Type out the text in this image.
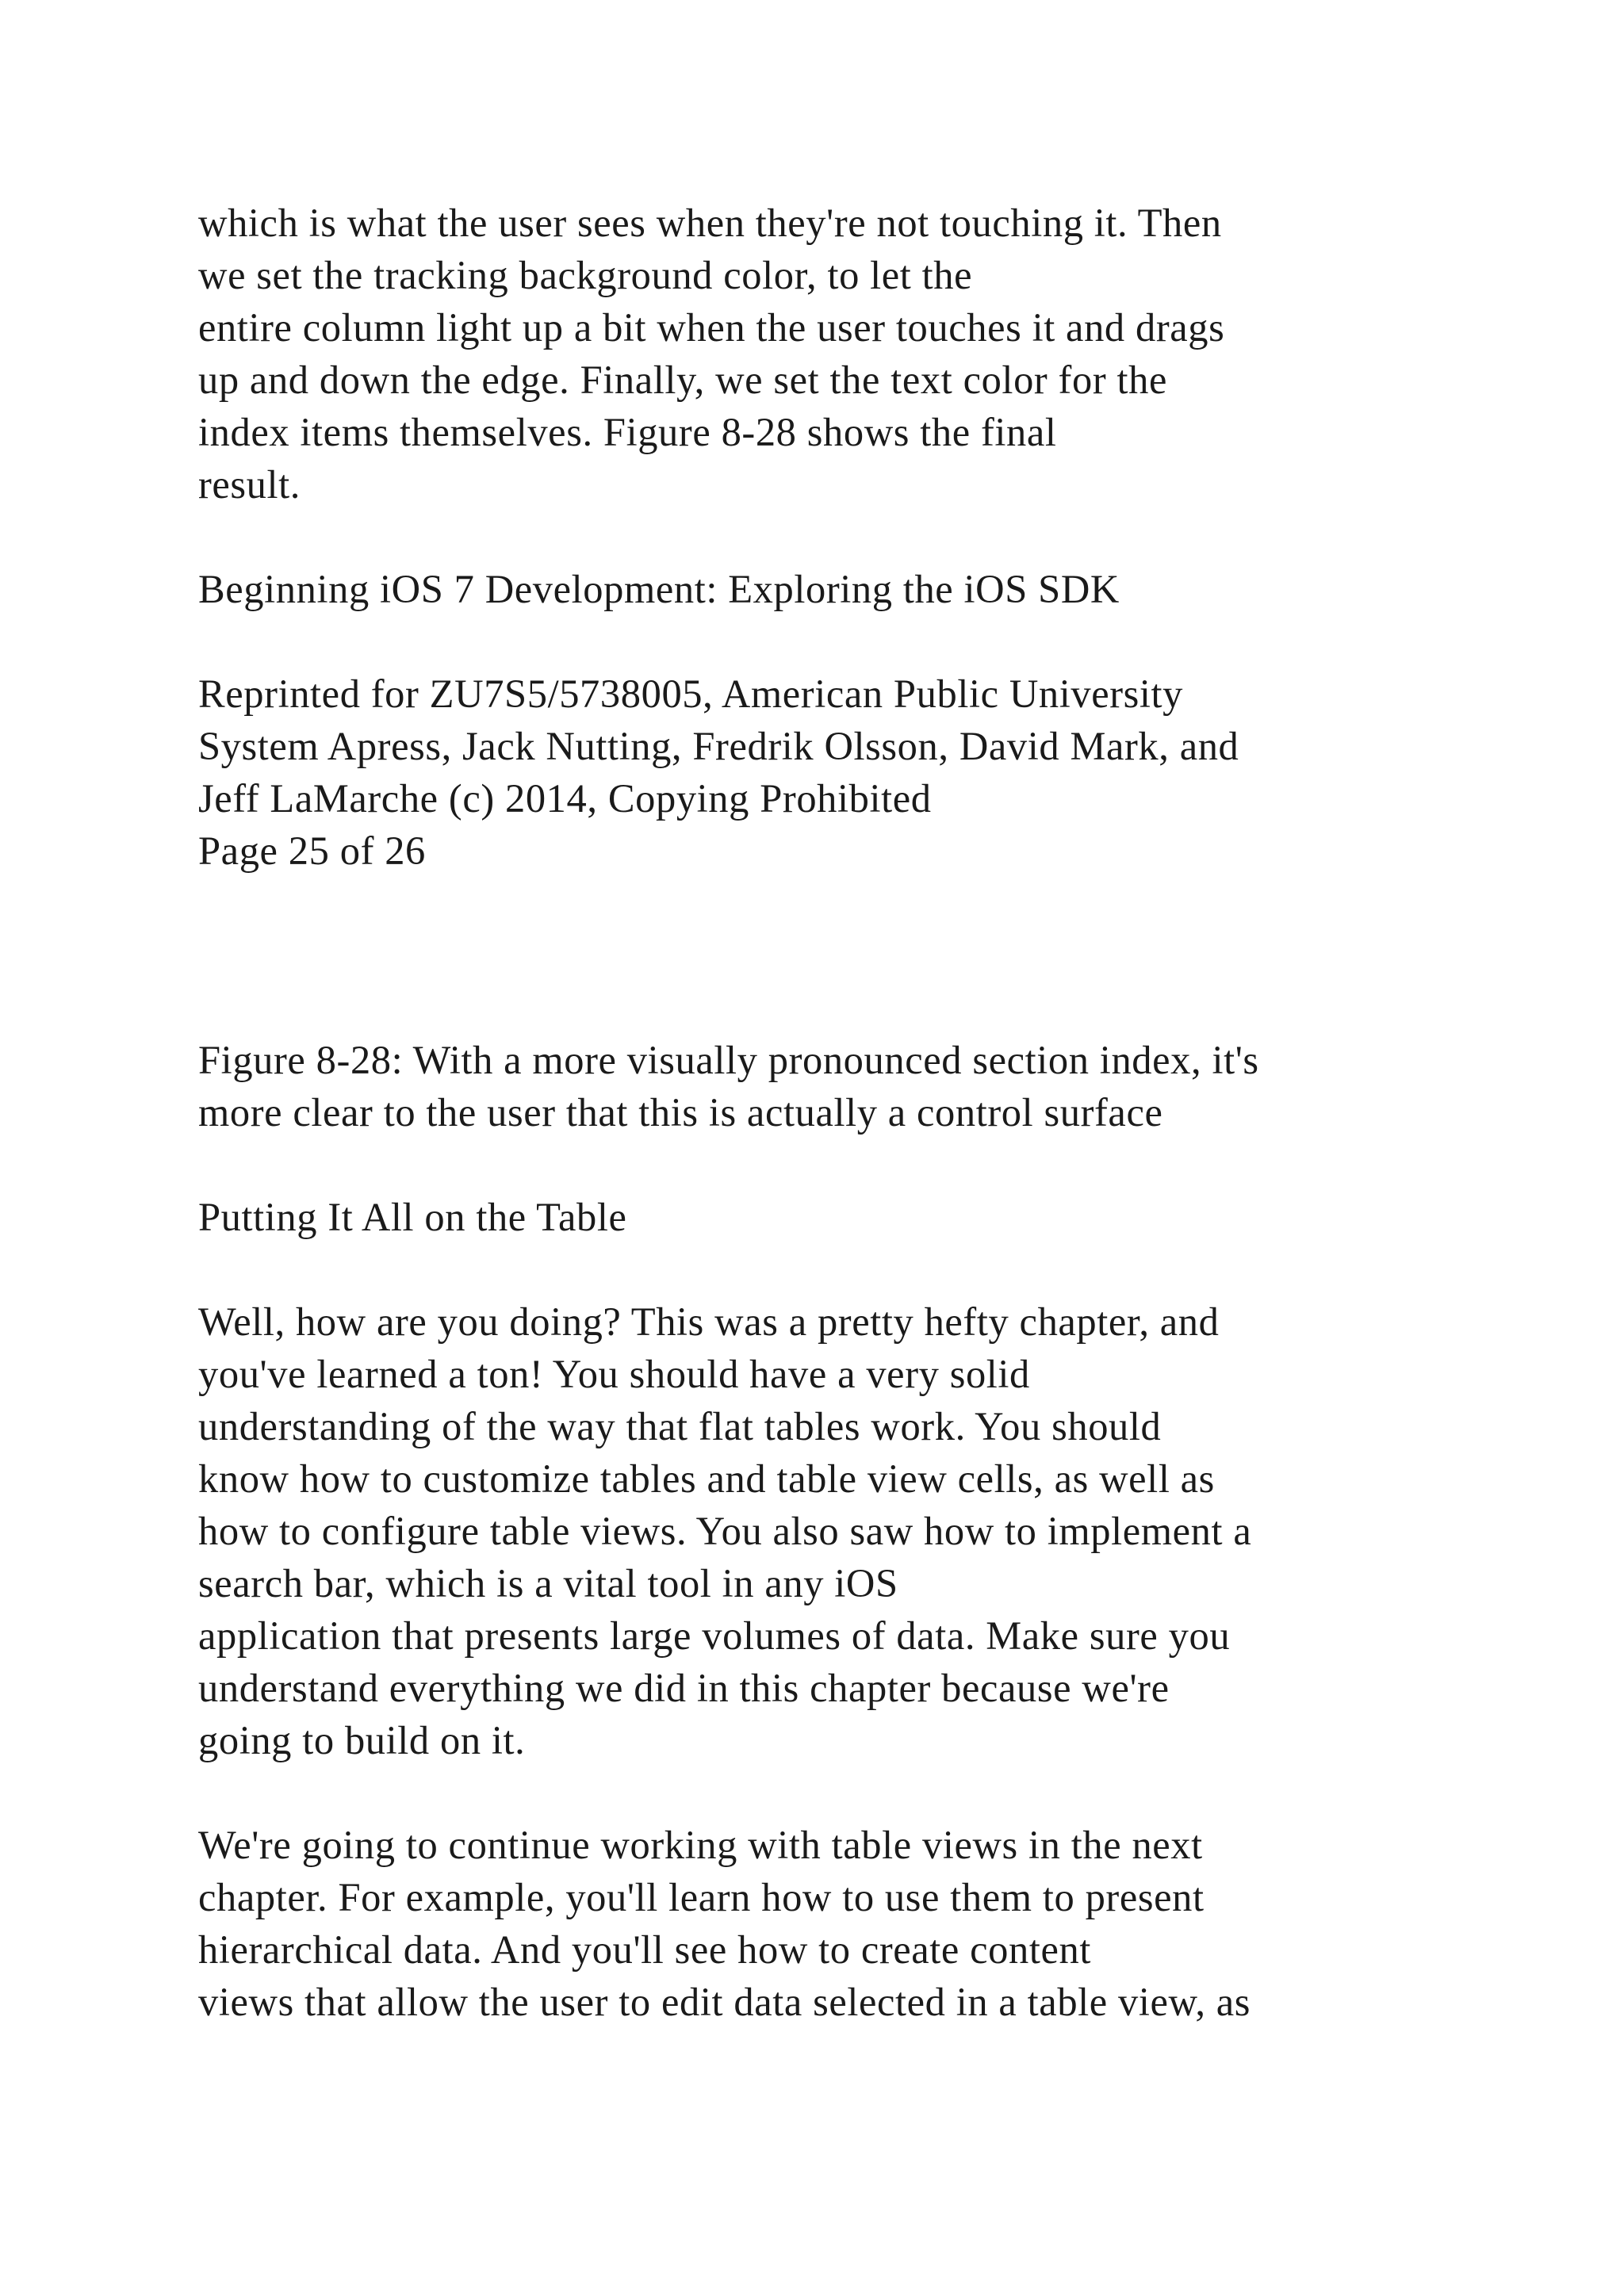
which is what the user sees when they're not touching it. Then
we set the tracking background color, to let the
entire column light up a bit when the user touches it and drags
up and down the edge. Finally, we set the text color for the
index items themselves. Figure 8-28 shows the final
result.

Beginning iOS 7 Development: Exploring the iOS SDK

Reprinted for ZU7S5/5738005, American Public University
System Apress, Jack Nutting, Fredrik Olsson, David Mark, and
Jeff LaMarche (c) 2014, Copying Prohibited
Page 25 of 26

Figure 8-28: With a more visually pronounced section index, it's
more clear to the user that this is actually a control surface

Putting It All on the Table

Well, how are you doing? This was a pretty hefty chapter, and
you've learned a ton! You should have a very solid
understanding of the way that flat tables work. You should
know how to customize tables and table view cells, as well as
how to configure table views. You also saw how to implement a
search bar, which is a vital tool in any iOS
application that presents large volumes of data. Make sure you
understand everything we did in this chapter because we're
going to build on it.

We're going to continue working with table views in the next
chapter. For example, you'll learn how to use them to present
hierarchical data. And you'll see how to create content
views that allow the user to edit data selected in a table view, as
